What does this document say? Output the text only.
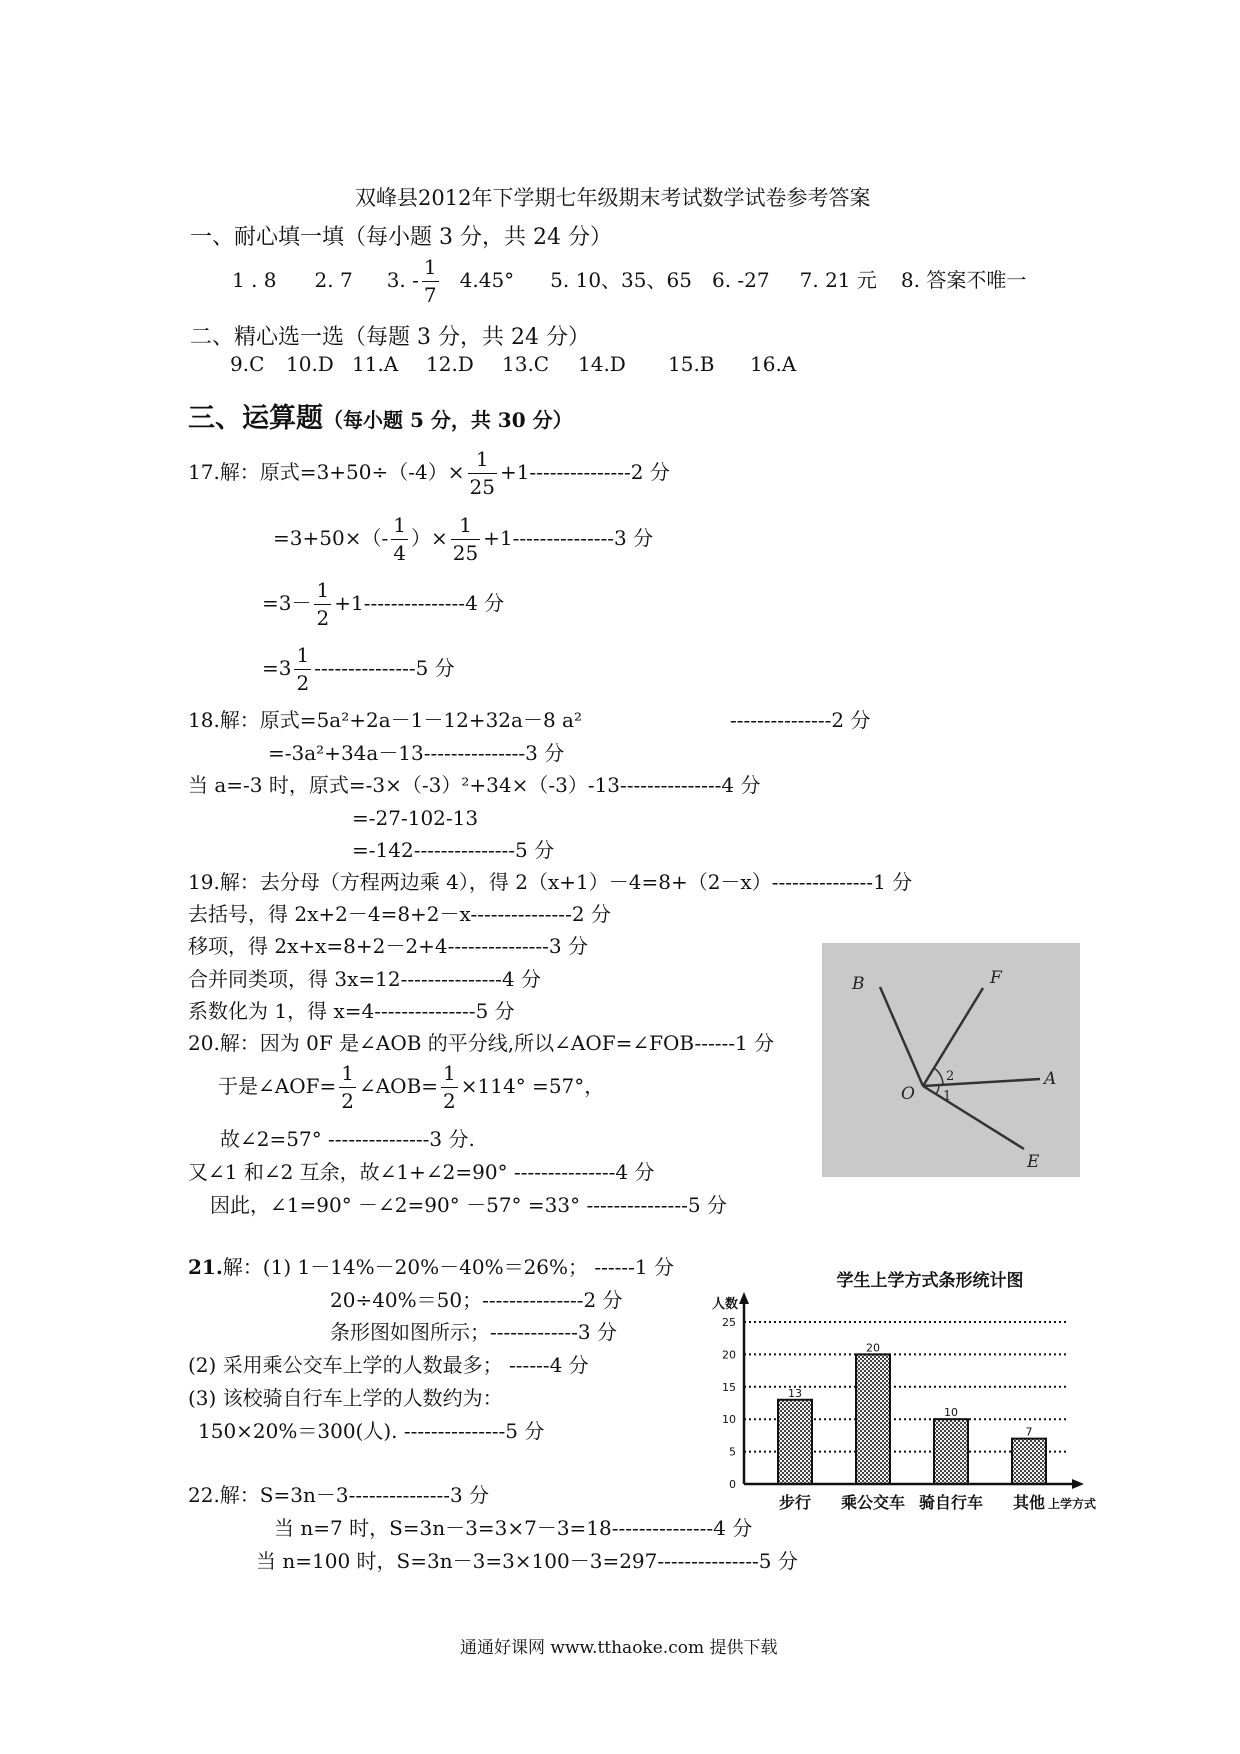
双峰县2012年下学期七年级期末考试数学试卷参考答案
一、耐心填一填（每小题 3 分，共 24 分）
1 . 8 2. 7 3. - $\frac{1}{7} 4.45^\circ$ 5. 10、35、65 6. -27 7. 21 元 8. 答案不唯一
二、精心选一选（每题 3 分，共 24 分）
9.C 10.D 11.A 12.D 13.C 14.D 15.B 16.A
三、运算题（每小题 5 分，共 30 分）
17.解：原式$=3+50\div(-4)\times \frac{1}{25} +1---------------2$ 分
$=3+50\times(- \frac{1}{4}$ ）× $\frac{1}{25} +1---------------3$ 分
$=3- \frac{1}{2} +1---------------4$ 分
$=3 \frac{1}{2} ---------------5$ 分
18.解：原式=5a²+2a－1－12+32a－8 a²	---------------2 分
=-3a²+34a－13---------------3 分
当 a=-3 时，原式=-3×（-3）²+34×（-3）-13---------------4 分
=-27-102-13
=-142---------------5 分
19.解：去分母（方程两边乘 4），得 2（x+1）－4=8+（2－x）---------------1 分
去括号，得 2x+2－4=8+2－x---------------2 分
移项，得 2x+x=8+2－2+4---------------3 分
合并同类项，得 3x=12---------------4 分
系数化为 1，得 x=4---------------5 分
20.解：因为 0F 是∠AOB 的平分线,所以∠AOF=∠FOB------1 分
于是∠AOF= $\frac{1}{2}$ ∠AOB= $\frac{1}{2} \times 114^\circ =57^\circ$，
故∠2=57° ---------------3 分.
又∠1 和∠2 互余，故∠1+∠2=90° ---------------4 分
因此，∠1=90° －∠2=90° －57° =33° ---------------5 分
B	F
O
A
E
2
1
21.解：(1) 1－14%－20%－40%＝26%； ------1 分
20÷40%＝50；---------------2 分
条形图如图所示；-------------3 分
(2) 采用乘公交车上学的人数最多； ------4 分
(3) 该校骑自行车上学的人数约为：
150×20%＝300(人). ---------------5 分
学生上学方式条形统计图
人数
0
5
10
15
20
25
13
步行
20
乘公交车
10
骑自行车
7
其他 上学方式
22.解：S=3n－3---------------3 分
当 n=7 时，S=3n－3=3×7－3=18---------------4 分
当 n=100 时，S=3n－3=3×100－3=297---------------5 分
通通好课网 www.tthaoke.com 提供下载
